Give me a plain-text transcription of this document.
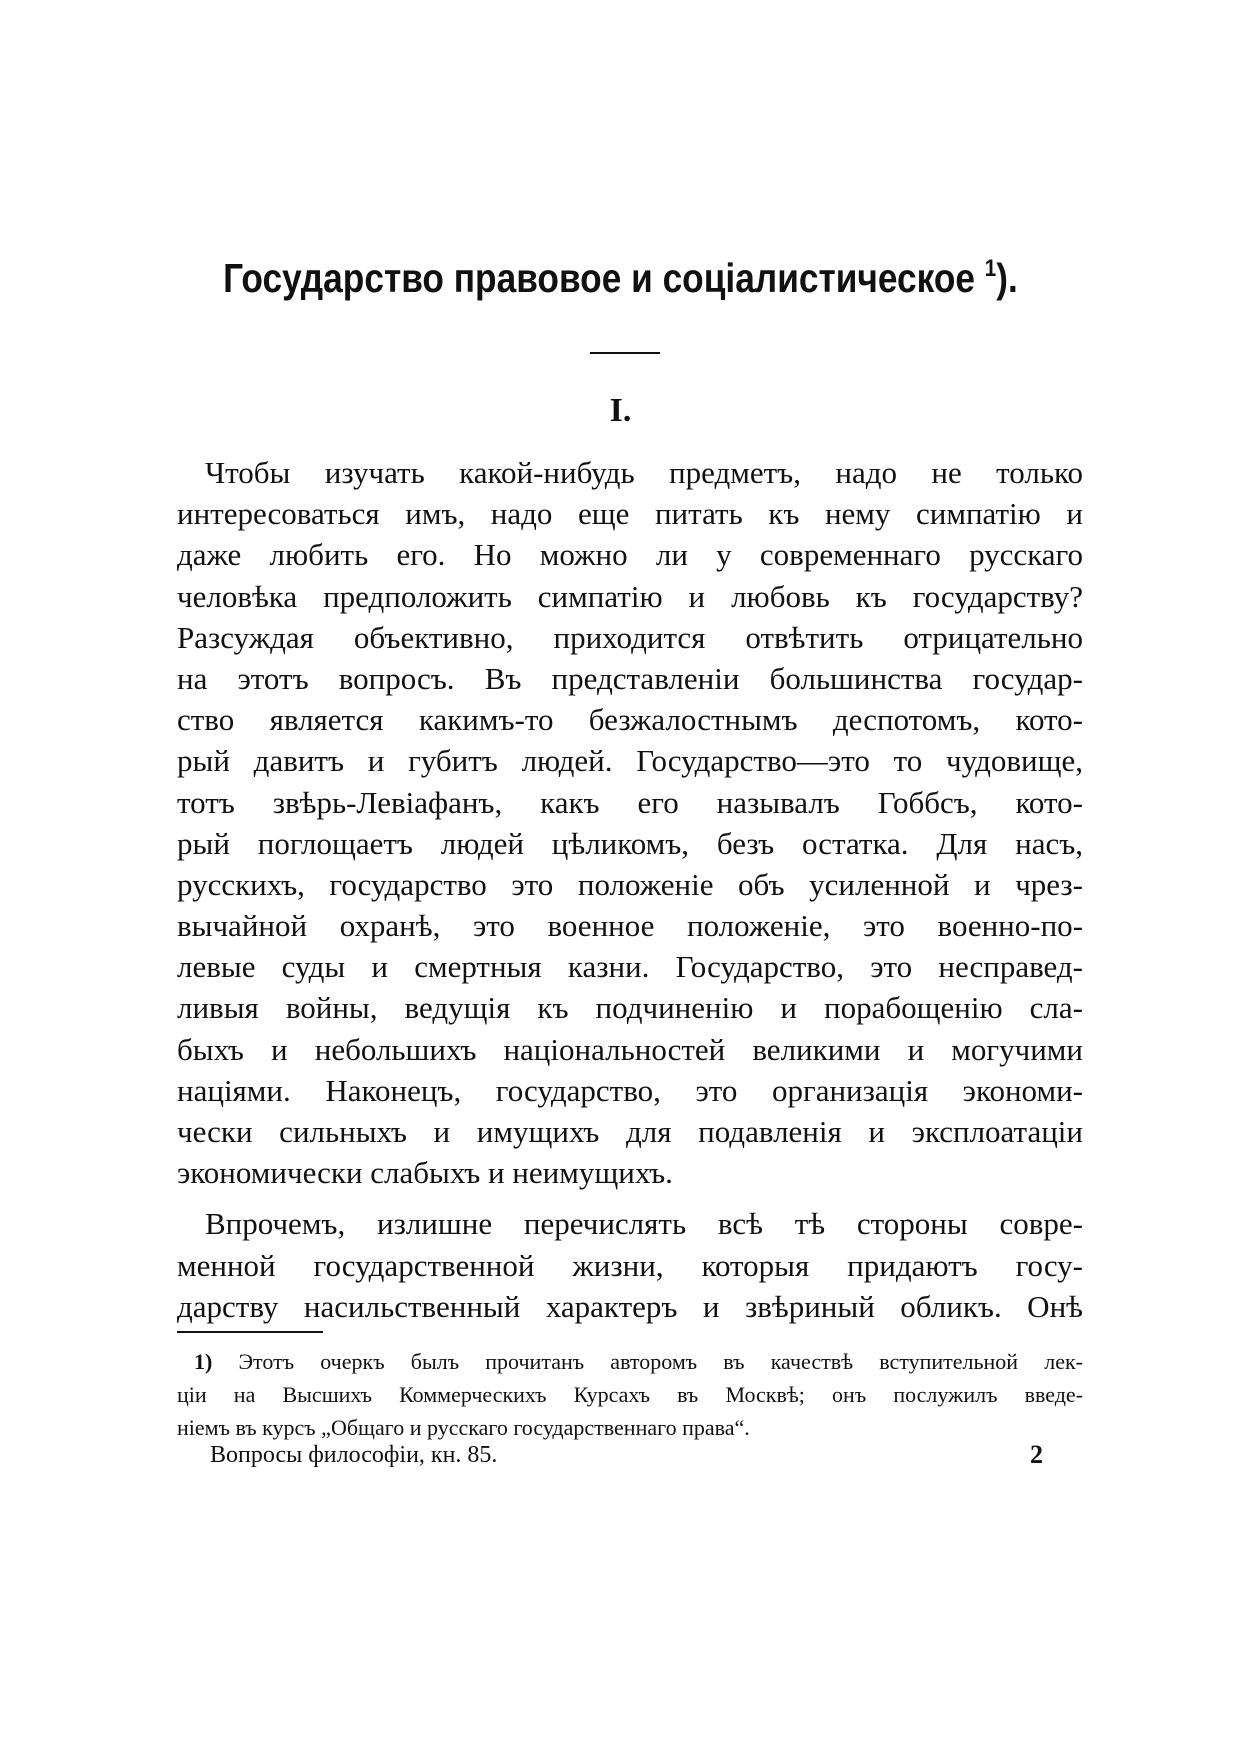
Государство правовое и соціалистическое $^1$).
I.
Чтобы изучать какой-нибудь предметъ, надо не только
интересоваться имъ, надо еще питать къ нему симпатію и
даже любить его. Но можно ли у современнаго русскаго
человѣка предположить симпатію и любовь къ государству?
Разсуждая объективно, приходится отвѣтить отрицательно
на этотъ вопросъ. Въ представленіи большинства государ-
ство является какимъ-то безжалостнымъ деспотомъ, кото-
рый давитъ и губитъ людей. Государство—это то чудовище,
тотъ звѣрь-Левіафанъ, какъ его называлъ Гоббсъ, кото-
рый поглощаетъ людей цѣликомъ, безъ остатка. Для насъ,
русскихъ, государство это положеніе объ усиленной и чрез-
вычайной охранѣ, это военное положеніе, это военно-по-
левые суды и смертныя казни. Государство, это несправед-
ливыя войны, ведущія къ подчиненію и порабощенію сла-
быхъ и небольшихъ національностей великими и могучими
націями. Наконецъ, государство, это организація экономи-
чески сильныхъ и имущихъ для подавленія и эксплоатаціи
экономически слабыхъ и неимущихъ.
Впрочемъ, излишне перечислять всѣ тѣ стороны совре-
менной государственной жизни, которыя придаютъ госу-
дарству насильственный характеръ и звѣриный обликъ. Онѣ
1) Этотъ очеркъ былъ прочитанъ авторомъ въ качествѣ вступительной лек-
ціи на Высшихъ Коммерческихъ Курсахъ въ Москвѣ; онъ послужилъ введе-
ніемъ въ курсъ „Общаго и русскаго государственнаго права“.
Вопросы философіи, кн. 85.	2
